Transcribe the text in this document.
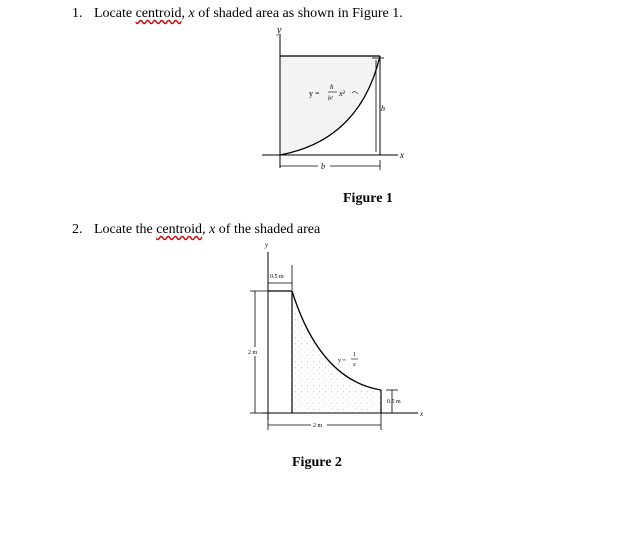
1. Locate centroid, x of shaded area as shown in Figure 1.
y
x
h
b
y =
h
b²
x²
Figure 1
2. Locate the centroid, x of the shaded area
0.5 m
2 m
2 m
0.5 m
y
x
y =
1
x
Figure 2
